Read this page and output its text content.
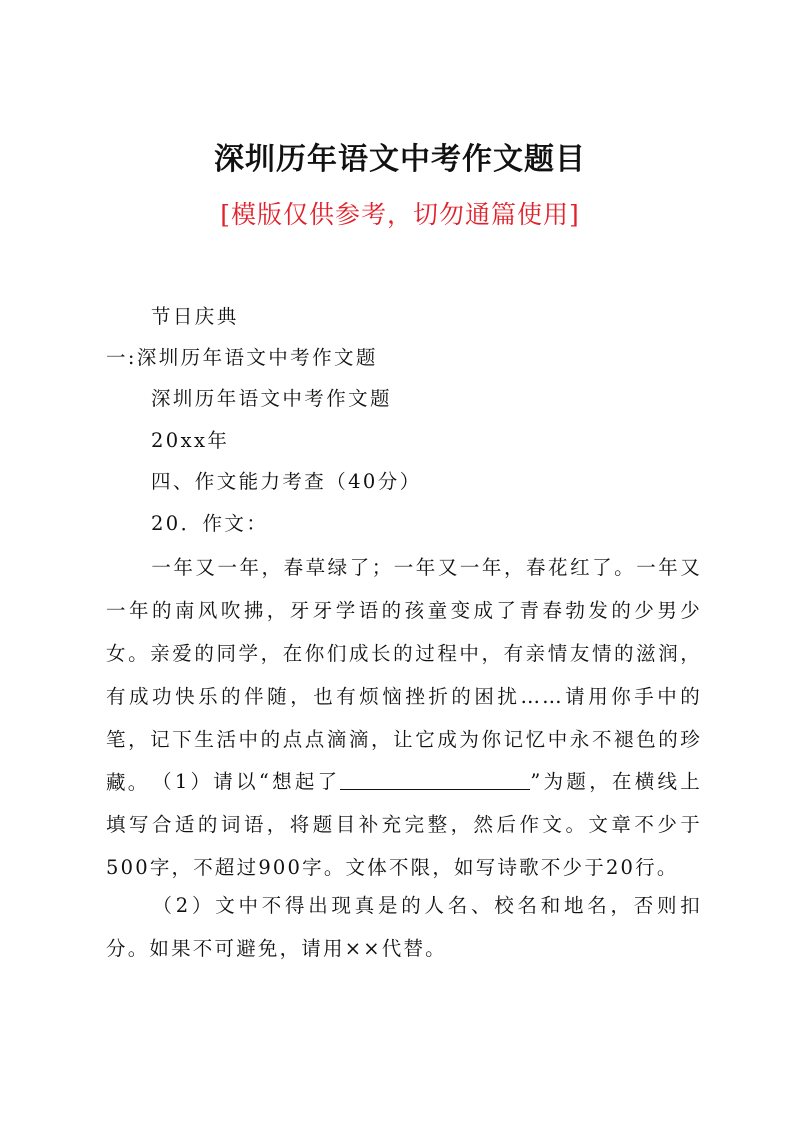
深圳历年语文中考作文题目
[模版仅供参考，切勿通篇使用]
节日庆典
一:深圳历年语文中考作文题
深圳历年语文中考作文题
20xx年
四、作文能力考查（40分）
20．作文：
一年又一年，春草绿了；一年又一年，春花红了。一年又一年的南风吹拂，牙牙学语的孩童变成了青春勃发的少男少女。亲爱的同学，在你们成长的过程中，有亲情友情的滋润，有成功快乐的伴随，也有烦恼挫折的困扰……请用你手中的笔，记下生活中的点点滴滴，让它成为你记忆中永不褪色的珍藏。 （1）请以“想起了	”为题，在横线上填写合适的词语，将题目补充完整，然后作文。文章不少于500字，不超过900字。文体不限，如写诗歌不少于20行。
（2）文中不得出现真是的人名、校名和地名，否则扣分。如果不可避免，请用××代替。
